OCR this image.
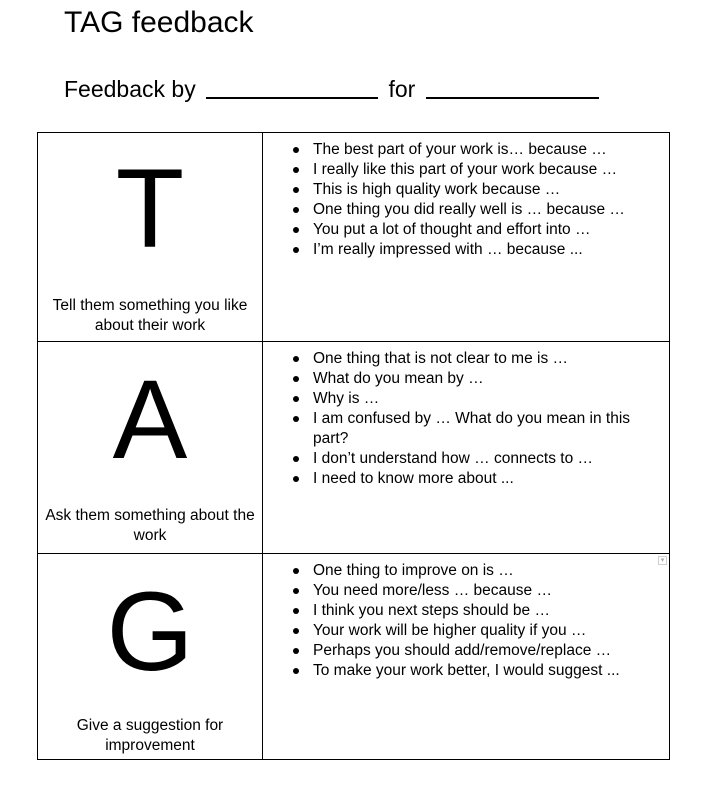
TAG feedback
Feedback by	for
T
Tell them something you like about their work
The best part of your work is… because …
I really like this part of your work because …
This is high quality work because …
One thing you did really well is … because …
You put a lot of thought and effort into …
I’m really impressed with … because ...
A
Ask them something about the work
One thing that is not clear to me is …
What do you mean by …
Why is …
I am confused by … What do you mean in this part?
I don’t understand how … connects to …
I need to know more about ...
G
Give a suggestion for improvement
▾
One thing to improve on is …
You need more/less … because …
I think you next steps should be …
Your work will be higher quality if you …
Perhaps you should add/remove/replace …
To make your work better, I would suggest ...
